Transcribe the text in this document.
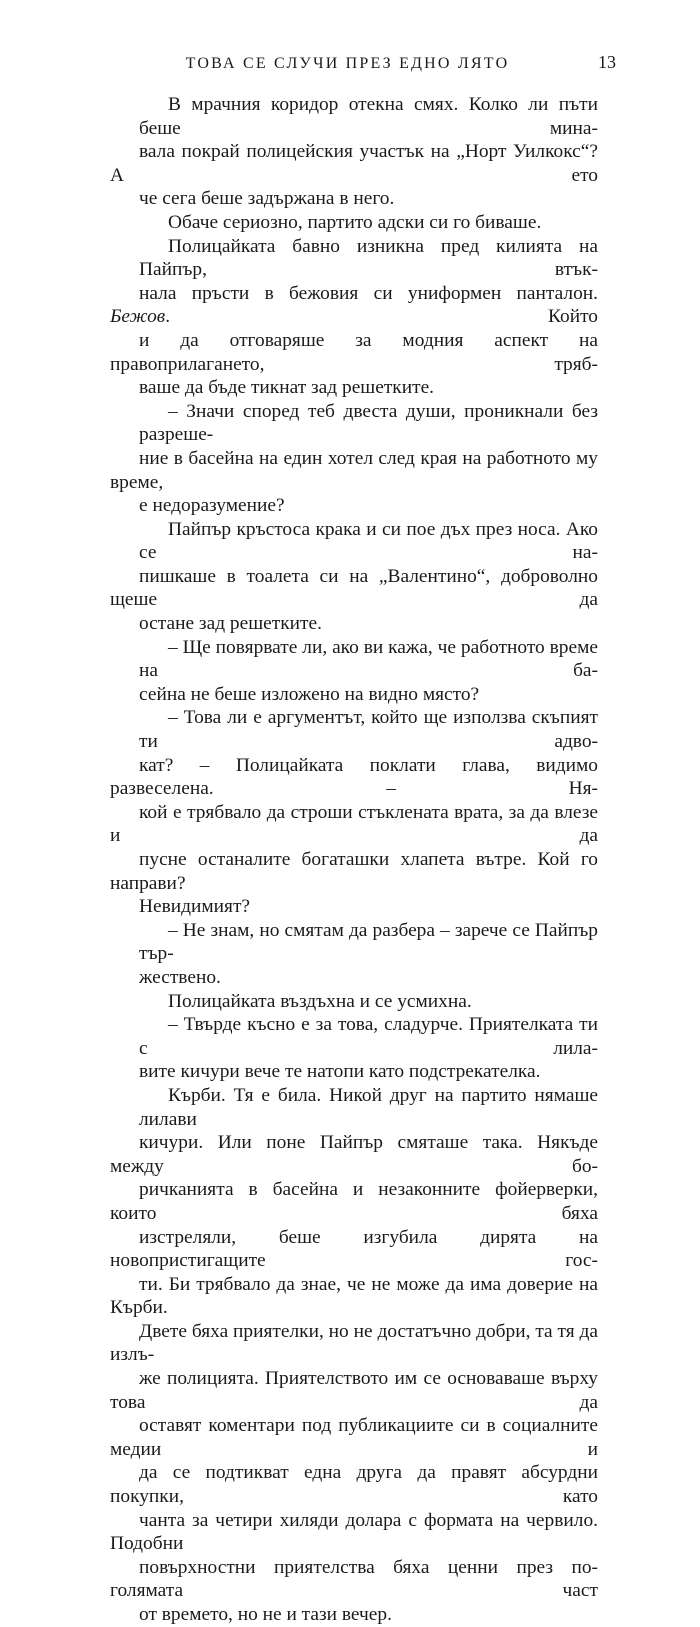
ТОВА СЕ СЛУЧИ ПРЕЗ ЕДНО ЛЯТО	13

В мрачния коридор отекна смях. Колко ли пъти беше мина-
вала покрай полицейския участък на „Норт Уилкокс“? А ето
че сега беше задържана в него.

Обаче сериозно, партито адски си го биваше.

Полицайката бавно изникна пред килията на Пайпър, втък-
нала пръсти в бежовия си униформен панталон. Бежов. Който
и да отговаряше за модния аспект на правоприлагането, тряб-
ваше да бъде тикнат зад решетките.

– Значи според теб двеста души, проникнали без разреше-
ние в басейна на един хотел след края на работното му време,
е недоразумение?

Пайпър кръстоса крака и си пое дъх през носа. Ако се на-
пишкаше в тоалета си на „Валентино“, доброволно щеше да
остане зад решетките.

– Ще повярвате ли, ако ви кажа, че работното време на ба-
сейна не беше изложено на видно място?

– Това ли е аргументът, който ще използва скъпият ти адво-
кат? – Полицайката поклати глава, видимо развеселена. – Ня-
кой е трябвало да строши стъклената врата, за да влезе и да
пусне останалите богаташки хлапета вътре. Кой го направи?
Невидимият?

– Не знам, но смятам да разбера – зарече се Пайпър тър-
жествено.

Полицайката въздъхна и се усмихна.

– Твърде късно е за това, сладурче. Приятелката ти с лила-
вите кичури вече те натопи като подстрекателка.

Кърби. Тя е била. Никой друг на партито нямаше лилави
кичури. Или поне Пайпър смяташе така. Някъде между бо-
ричканията в басейна и незаконните фойерверки, които бяха
изстреляли, беше изгубила дирята на новопристигащите гос-
ти. Би трябвало да знае, че не може да има доверие на Кърби.
Двете бяха приятелки, но не достатъчно добри, та тя да излъ-
же полицията. Приятелството им се основаваше върху това да
оставят коментари под публикациите си в социалните медии и
да се подтикват една друга да правят абсурдни покупки, като
чанта за четири хиляди долара с формата на червило. Подобни
повърхностни приятелства бяха ценни през по-голямата част
от времето, но не и тази вечер.
